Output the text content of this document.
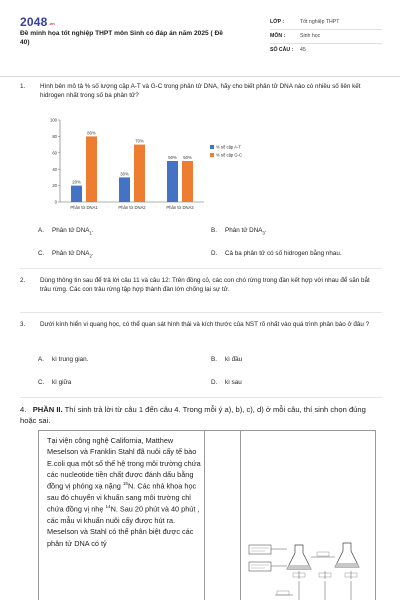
$2048_{.vn}$
Đề minh họa tốt nghiệp THPT môn Sinh có đáp án năm 2025 ( Đề 40)
LỚP :	Tốt nghiệp THPT
MÔN :	Sinh học
SỐ CÂU :	45
1.	Hình bên mô tả % số lượng cặp A-T và G-C trong phân tử DNA, hãy cho biết phân tử DNA nào có nhiều số liên kết hidrogen nhất trong số ba phân tử?
0
20
40
60
80
100
20%
80%
Phân tử DNA1
30%
70%
Phân tử DNA2
50% 50%
Phân tử DNA3
% số cặp A-T
% số cặp G-C
A. Phân tử $DNA_1$.	B. Phân tử $DNA_3$.
C. Phân tử $DNA_2$.	D. Cả ba phân tử có số hidrogen bằng nhau.
2.	Dùng thông tin sau để trả lời câu 11 và câu 12: Trên đồng cỏ, các con chó rừng trong đàn kết hợp với nhau để săn bắt trâu rừng. Các con trâu rừng tập hợp thành đàn lớn chống lại sự tử.
3.	Dưới kính hiển vi quang học, có thể quan sát hình thái và kích thước của NST rõ nhất vào quá trình phân bào ở đâu ?
A. kì trung gian.	B. kì đầu
C. kì giữa	D. kì sau
4. PHẦN II. Thí sinh trả lời từ câu 1 đến câu 4. Trong mỗi ý a), b), c), d) ở mỗi câu, thí sinh chọn đúng hoặc sai.
Tại viện công nghệ California, Matthew Meselson và Franklin Stahl đã nuôi cấy tế bào E.coli qua một số thế hệ trong môi trường chứa các nucleotide tiền chất được đánh dấu bằng đồng vị phóng xạ nặng $^{15}$N. Các nhà khoa học sau đó chuyển vi khuẩn sang môi trường chỉ chứa đồng vị nhẹ $^{14}$N. Sau 20 phút và 40 phút , các mẫu vi khuẩn nuôi cấy được hút ra. Meselson và Stahl có thể phân biệt được các phân tử DNA có tỷ
